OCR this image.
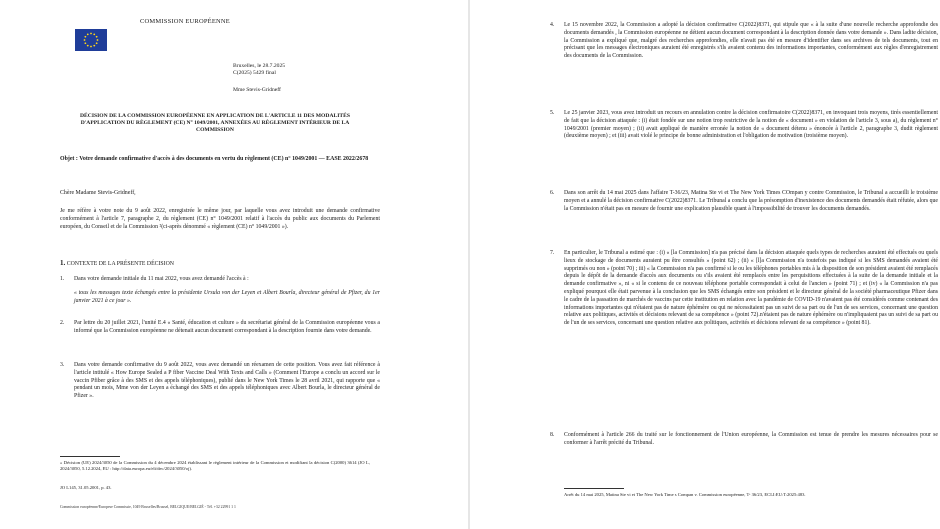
COMMISSION EUROPÉENNE
Bruxelles, le 28.7.2025
C(2025) 5429 final
Mme Stevis-Gridneff
DÉCISION DE LA COMMISSION EUROPÉENNE EN APPLICATION DE L'ARTICLE 11 DES MODALITÉS
D'APPLICATION DU RÈGLEMENT (CE) N° 1049/2001, ANNEXÉES AU RÈGLEMENT INTÉRIEUR DE LA
COMMISSION
Objet : Votre demande confirmative d'accès à des documents en vertu du règlement (CE) n° 1049/2001 — EASE 2022/2678
Chère Madame Stevis-Gridneff,
Je me réfère à votre note du 9 août 2022, enregistrée le même jour, par laquelle vous avez introduit une demande confirmative conformément à l'article 7, paragraphe 2, du règlement (CE) n° 1049/2001 relatif à l'accès du public aux documents du Parlement européen, du Conseil et de la Commission ²(ci-après dénommé « règlement (CE) n° 1049/2001 »).
1. CONTEXTE DE LA PRÉSENTE DÉCISION
1. Dans votre demande initiale du 11 mai 2022, vous avez demandé l'accès à :
« tous les messages texte échangés entre la présidente Ursula von der Leyen et Albert Bourla, directeur général de Pfizer, du 1er janvier 2021 à ce jour ».
2. Par lettre du 20 juillet 2021, l'unité E.4 « Santé, éducation et culture » du secrétariat général de la Commission européenne vous a informé que la Commission européenne ne détenait aucun document correspondant à la description fournie dans votre demande.
3. Dans votre demande confirmative du 9 août 2022, vous avez demandé un réexamen de cette position. Vous avez fait référence à l'article intitulé « How Europe Sealed a P fiber Vaccine Deal With Texts and Calls » (Comment l'Europe a conclu un accord sur le vaccin Pfiber grâce à des SMS et des appels téléphoniques), publié dans le New York Times le 28 avril 2021, qui rapporte que « pendant un mois, Mme von der Leyen a échangé des SMS et des appels téléphoniques avec Albert Bourla, le directeur général de Pfizer ».
« Décision (UE) 2024/3050 de la Commission du 4 décembre 2024 établissant le règlement intérieur de la Commission et modifiant la décision C(2000) 3614 (JO L, 2024/3050, 5.12.2024, EU : http://data.europa.eu/eli/dec/2024/3050/oj).
JO L145, 31.05.2001, p. 43.
Commission européenne/Europese Commissie, 1049 Bruxelles/Brussel, BELGIQUE/BELGIË - Tél. +32 22991 1 1
4. Le 15 novembre 2022, la Commission a adopté la décision confirmative C(2022)8371, qui stipule que « à la suite d'une nouvelle recherche approfondie des documents demandés , la Commission européenne ne détient aucun document correspondant à la description donnée dans votre demande ». Dans ladite décision, la Commission a expliqué que, malgré des recherches approfondies, elle n'avait pas été en mesure d'identifier dans ses archives de tels documents, tout en précisant que les messages électroniques auraient été enregistrés s'ils avaient contenu des informations importantes, conformément aux règles d'enregistrement des documents de la Commission.
5. Le 25 janvier 2023, vous avez introduit un recours en annulation contre la décision confirmatoire C(2022)8371, en invoquant trois moyens, tirés essentiellement de fait que la décision attaquée : (i) était fondée sur une notion trop restrictive de la notion de « document » en violation de l'article 3, sous a), du règlement n° 1049/2001 (premier moyen) ; (ii) avait appliqué de manière erronée la notion de « document détenu » énoncée à l'article 2, paragraphe 3, dudit règlement (deuxième moyen) ; et (iii) avait violé le principe de bonne administration et l'obligation de motivation (troisième moyen).
6. Dans son arrêt du 14 mai 2025 dans l'affaire T-36/23, Matina Ste vi et The New York Times COmpan y contre Commission, le Tribunal a accueilli le troisième moyen et a annulé la décision confirmative C(2022)8371. Le Tribunal a conclu que la présomption d'inexistence des documents demandés était réfutée, alors que la Commission n'était pas en mesure de fournir une explication plausible quant à l'impossibilité de trouver les documents demandés.
7. En particulier, le Tribunal a estimé que : (i) « [la Commission] n'a pas précisé dans la décision attaquée quels types de recherches auraient été effectués ou quels lieux de stockage de documents auraient pu être consultés » (point 62) ; (ii) « [l]a Commission n'a toutefois pas indiqué si les SMS demandés avaient été supprimés ou non » (point 70) ; iii) « la Commission n'a pas confirmé si le ou les téléphones portables mis à la disposition de son président avaient été remplacés depuis le dépôt de la demande d'accès aux documents ou s'ils avaient été remplacés entre les perquisitions effectuées à la suite de la demande initiale et la demande confirmative », ni « si le contenu de ce nouveau téléphone portable correspondait à celui de l'ancien » (point 71) ; et (iv) « la Commission n'a pas expliqué pourquoi elle était parvenue à la conclusion que les SMS échangés entre son président et le directeur général de la société pharmaceutique Pfizer dans le cadre de la passation de marchés de vaccins par cette institution en relation avec la pandémie de COVID-19 n'avaient pas été considérés comme contenant des informations importantes qui n'étaient pas de nature éphémère ou qui ne nécessitaient pas un suivi de sa part ou de l'un de ses services, concernant une question relative aux politiques, activités et décisions relevant de sa compétence » (point 72).n'étaient pas de nature éphémère ou n'impliquaient pas un suivi de sa part ou de l'un de ses services, concernant une question relative aux politiques, activités et décisions relevant de sa compétence » (point 81).
8. Conformément à l'article 266 du traité sur le fonctionnement de l'Union européenne, la Commission est tenue de prendre les mesures nécessaires pour se conformer à l'arrêt précité du Tribunal.
Arrêt du 14 mai 2025, Matina Ste vi et The New York Time s Compan v. Commission européenne, T- 36/23, ECLI:EU:T:2025:483.
